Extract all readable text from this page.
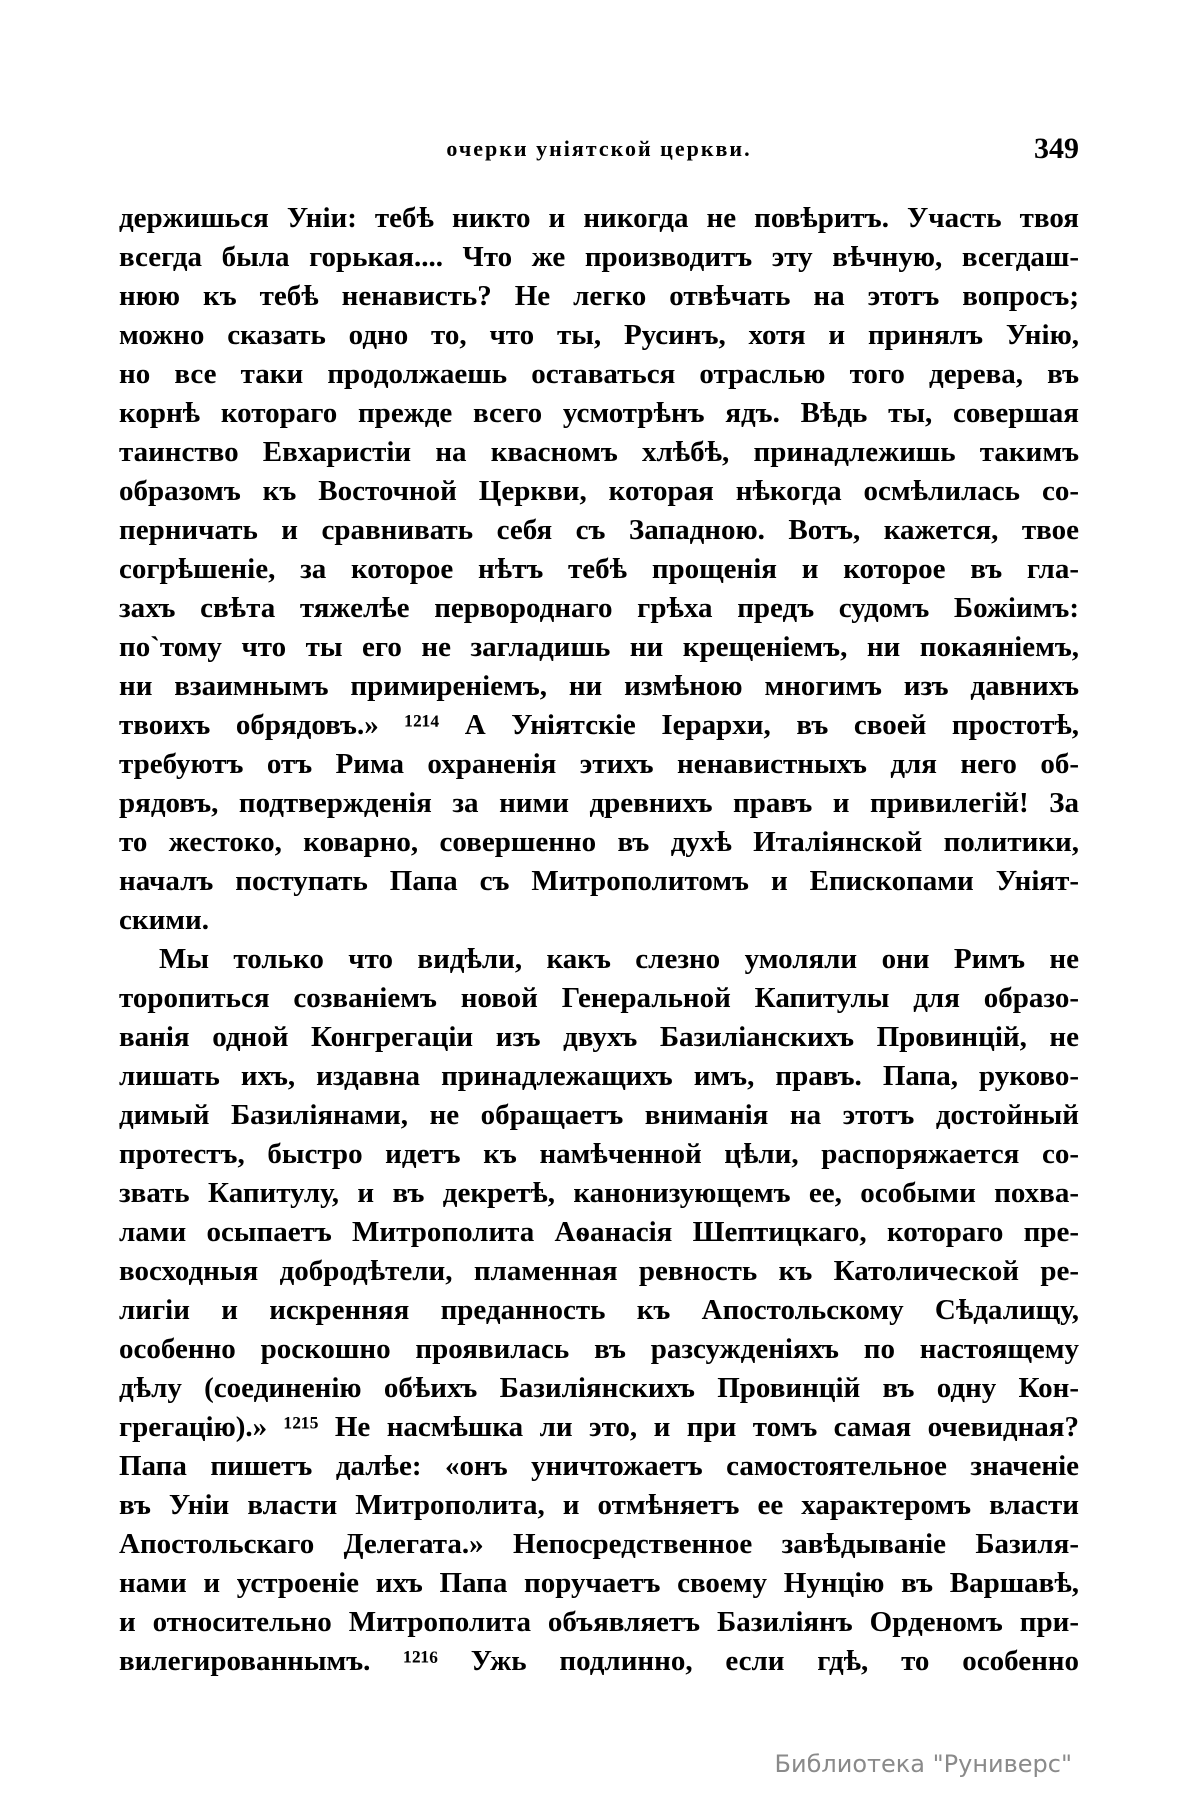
очерки уніятской церкви.	349
держишься Уніи: тебѣ никто и никогда не повѣритъ. Участь твоя
всегда была горькая.... Что же производитъ эту вѣчную, всегдаш-
нюю къ тебѣ ненависть? Не легко отвѣчать на этотъ вопросъ;
можно сказать одно то, что ты, Русинъ, хотя и принялъ Унію,
но все таки продолжаешь оставаться отраслью того дерева, въ
корнѣ котораго прежде всего усмотрѣнъ ядъ. Вѣдь ты, совершая
таинство Евхаристіи на квасномъ хлѣбѣ, принадлежишь такимъ
образомъ къ Восточной Церкви, которая нѣкогда осмѣлилась со-
перничать и сравнивать себя съ Западною. Вотъ, кажется, твое
согрѣшеніе, за которое нѣтъ тебѣ прощенія и которое въ гла-
захъ свѣта тяжелѣе первороднаго грѣха предъ судомъ Божіимъ:
по`тому что ты его не загладишь ни крещеніемъ, ни покаяніемъ,
ни взаимнымъ примиреніемъ, ни измѣною многимъ изъ давнихъ
твоихъ обрядовъ.» ¹²¹⁴ А Уніятскіе Іерархи, въ своей простотѣ,
требуютъ отъ Рима охраненія этихъ ненавистныхъ для него об-
рядовъ, подтвержденія за ними древнихъ правъ и привилегій! За
то жестоко, коварно, совершенно въ духѣ Италіянской политики,
началъ поступать Папа съ Митрополитомъ и Епископами Уніят-
скими.
Мы только что видѣли, какъ слезно умоляли они Римъ не
торопиться созваніемъ новой Генеральной Капитулы для образо-
ванія одной Конгрегаціи изъ двухъ Базиліанскихъ Провинцій, не
лишать ихъ, издавна принадлежащихъ имъ, правъ. Папа, руково-
димый Базиліянами, не обращаетъ вниманія на этотъ достойный
протестъ, быстро идетъ къ намѣченной цѣли, распоряжается со-
звать Капитулу, и въ декретѣ, канонизующемъ ее, особыми похва-
лами осыпаетъ Митрополита Аѳанасія Шептицкаго, котораго пре-
восходныя добродѣтели, пламенная ревность къ Католической ре-
лигіи и искренняя преданность къ Апостольскому Сѣдалищу,
особенно роскошно проявилась въ разсужденіяхъ по настоящему
дѣлу (соединенію обѣихъ Базиліянскихъ Провинцій въ одну Кон-
грегацію).» ¹²¹⁵ Не насмѣшка ли это, и при томъ самая очевидная?
Папа пишетъ далѣе: «онъ уничтожаетъ самостоятельное значеніе
въ Уніи власти Митрополита, и отмѣняетъ ее характеромъ власти
Апостольскаго Делегата.» Непосредственное завѣдываніе Базиля-
нами и устроеніе ихъ Папа поручаетъ своему Нунцію въ Варшавѣ,
и относительно Митрополита объявляетъ Базиліянъ Орденомъ при-
вилегированнымъ. ¹²¹⁶ Ужь подлинно, если гдѣ, то особенно
Библиотека "Руниверс"
